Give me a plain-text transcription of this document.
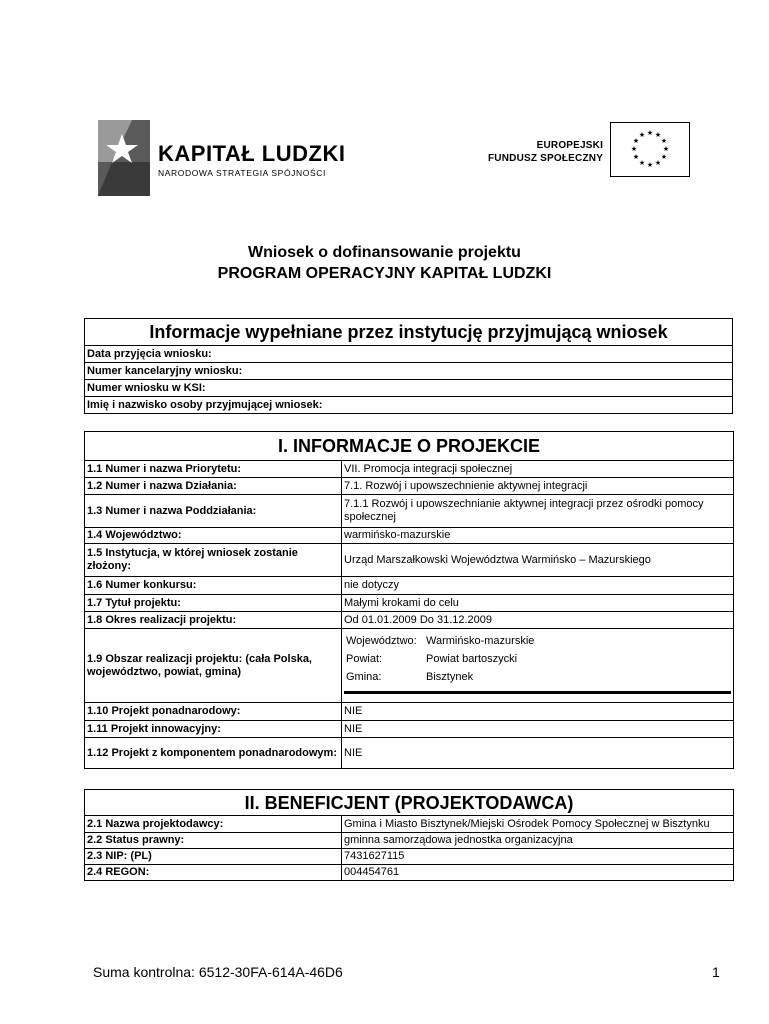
KAPITAŁ LUDZKI
NARODOWA STRATEGIA SPÓJNOŚCI
EUROPEJSKI
FUNDUSZ SPOŁECZNY
★ ★
★
★
★
★
★
★
★
★
★
★
Wniosek o dofinansowanie projektu
PROGRAM OPERACYJNY KAPITAŁ LUDZKI
Informacje wypełniane przez instytucję przyjmującą wniosek
Data przyjęcia wniosku:
Numer kancelaryjny wniosku:
Numer wniosku w KSI:
Imię i nazwisko osoby przyjmującej wniosek:
I. INFORMACJE O PROJEKCIE	
1.1 Numer i nazwa Priorytetu:	VII. Promocja integracji społecznej
1.2 Numer i nazwa Działania:	7.1. Rozwój i upowszechnienie aktywnej integracji
1.3 Numer i nazwa Poddziałania:	7.1.1 Rozwój i upowszechnianie aktywnej integracji przez ośrodki pomocy społecznej
1.4 Województwo:	warmińsko-mazurskie
1.5 Instytucja, w której wniosek zostanie złożony:	Urząd Marszałkowski Województwa Warmińsko – Mazurskiego
1.6 Numer konkursu:	nie dotyczy
1.7 Tytuł projektu:	Małymi krokami do celu
1.8 Okres realizacji projektu:	Od 01.01.2009 Do 31.12.2009
1.9 Obszar realizacji projektu: (cała Polska, województwo, powiat, gmina)	Województwo: Warmińsko-mazurskie
Powiat: Powiat bartoszycki
Gmina: Bisztynek

1.10 Projekt ponadnarodowy:	NIE
1.11 Projekt innowacyjny:	NIE
1.12 Projekt z komponentem ponadnarodowym:	NIE
II. BENEFICJENT (PROJEKTODAWCA)	
2.1 Nazwa projektodawcy:	Gmina i Miasto Bisztynek/Miejski Ośrodek Pomocy Społecznej w Bisztynku
2.2 Status prawny:	gminna samorządowa jednostka organizacyjna
2.3 NIP: (PL)	7431627115
2.4 REGON:	004454761
Suma kontrolna: 6512-30FA-614A-46D6	1
